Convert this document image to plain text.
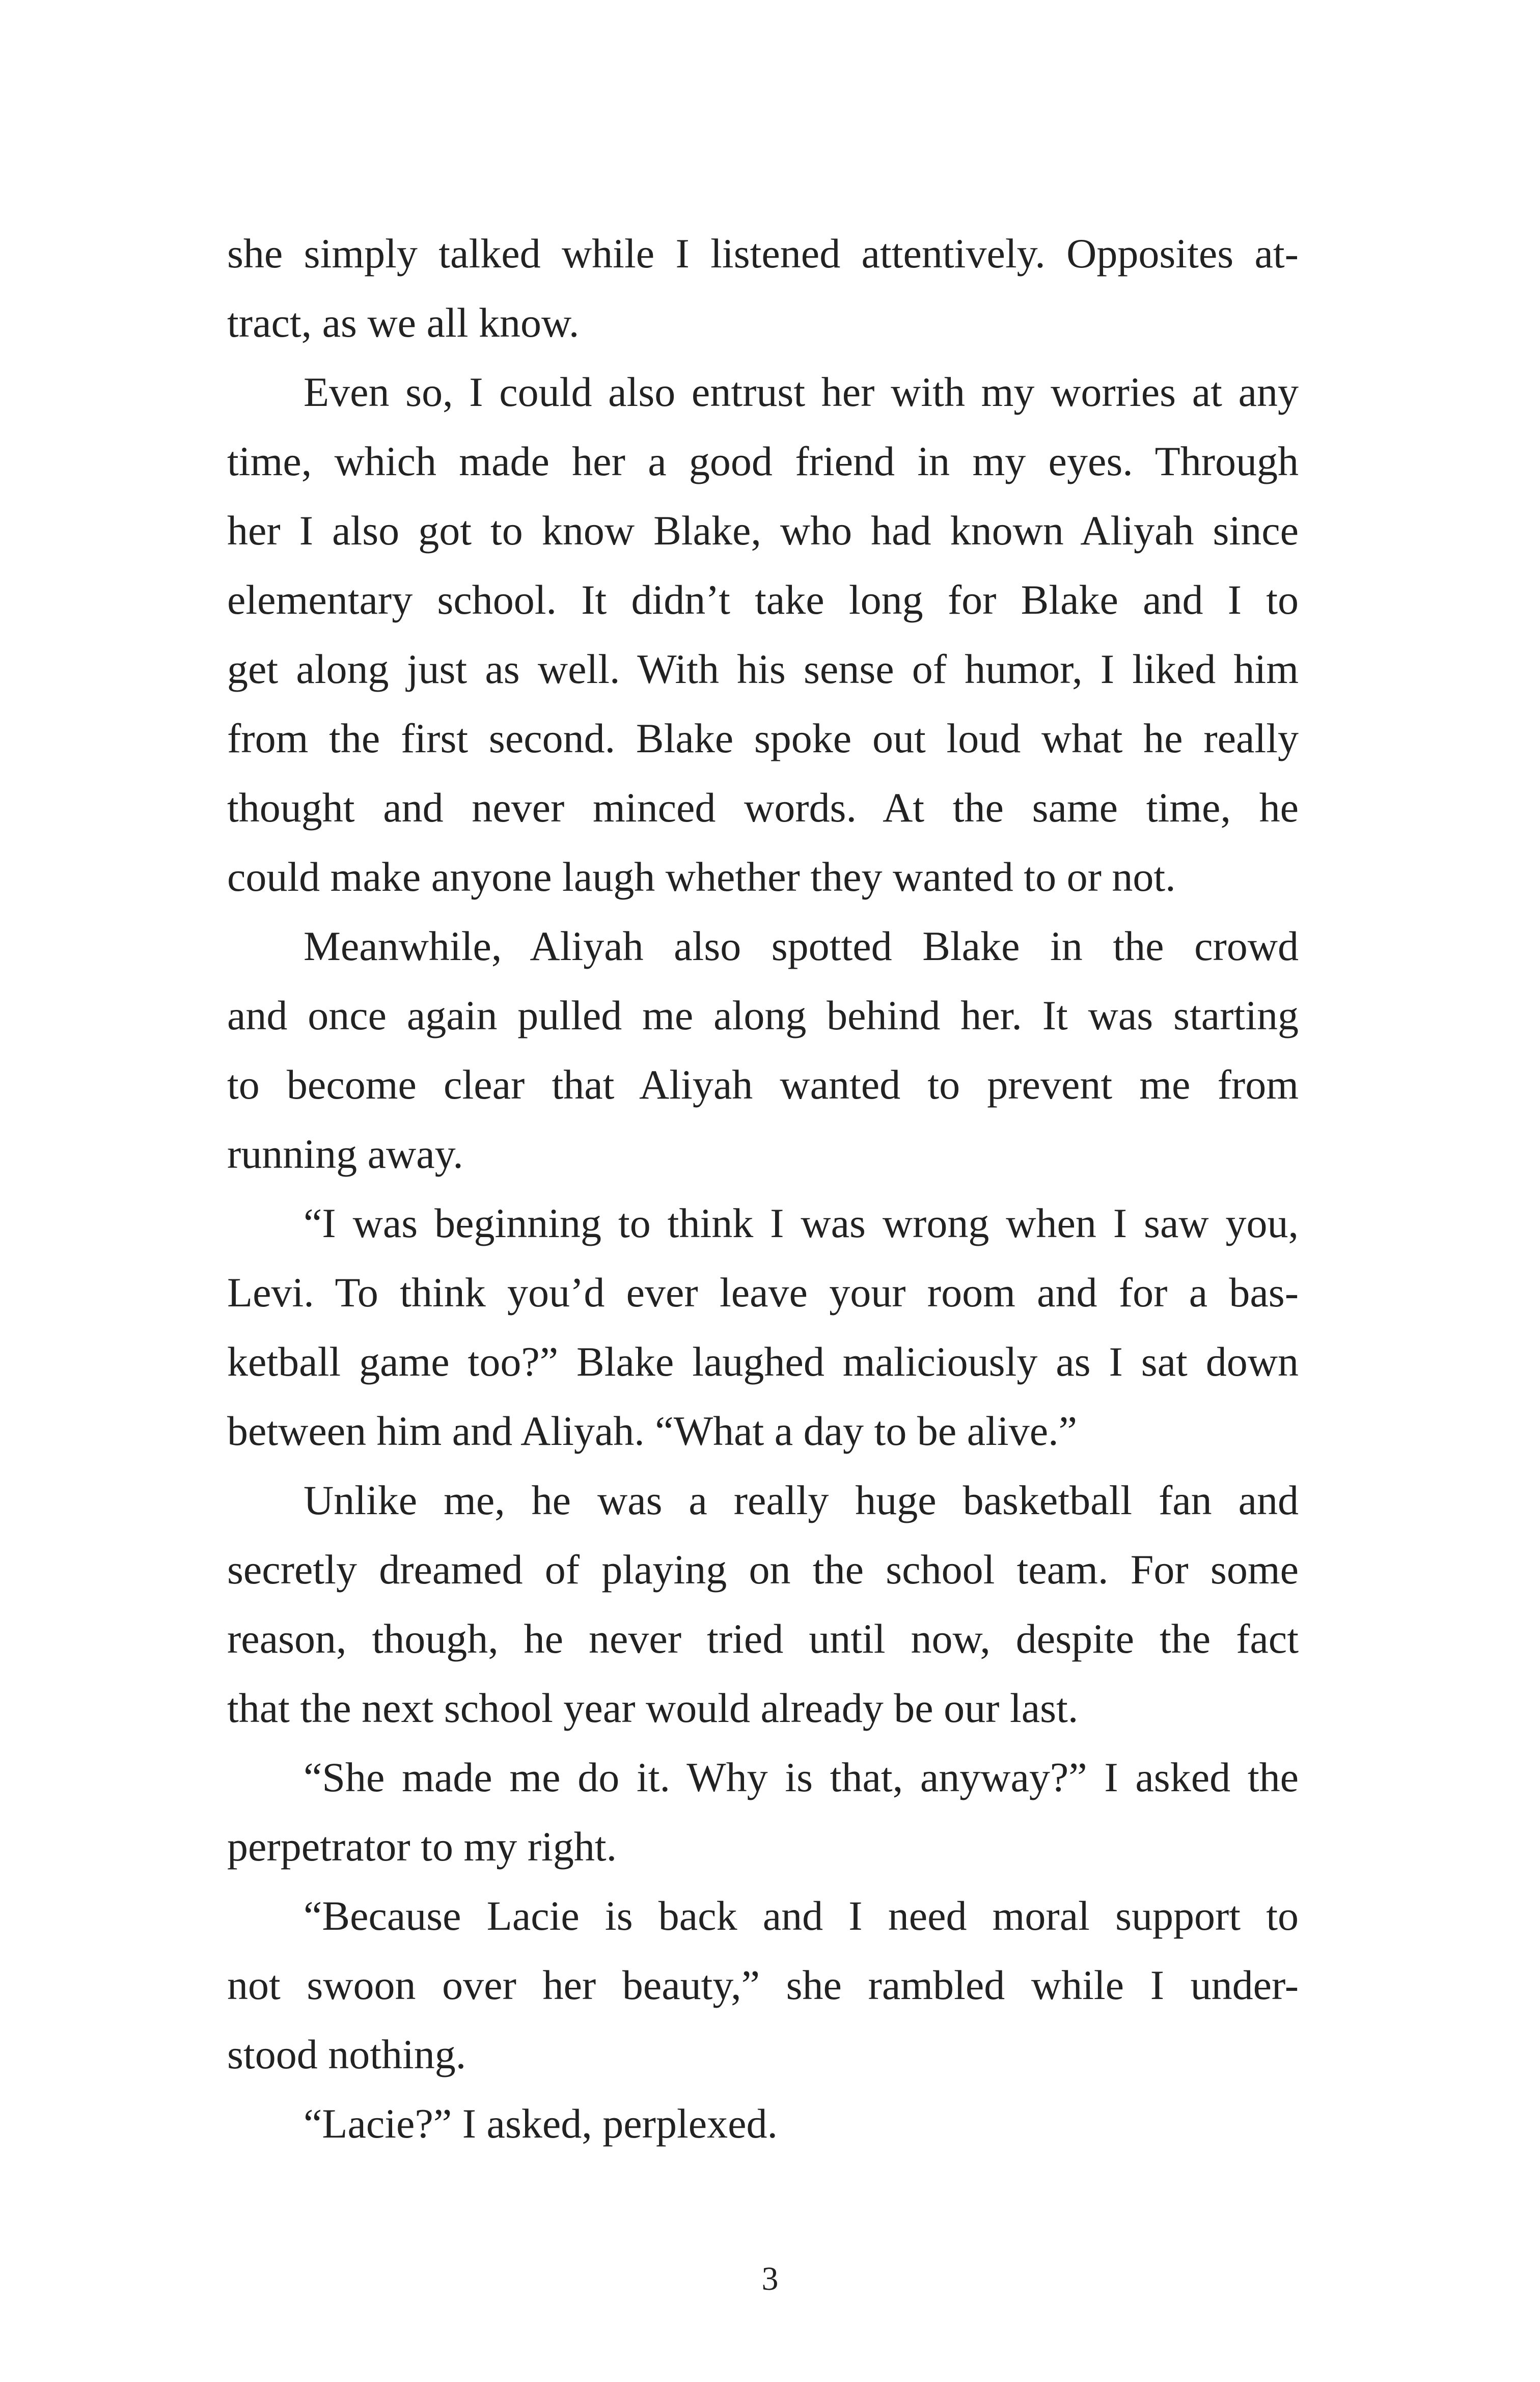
she simply talked while I listened attentively. Opposites at-
tract, as we all know.
Even so, I could also entrust her with my worries at any
time, which made her a good friend in my eyes. Through
her I also got to know Blake, who had known Aliyah since
elementary school. It didn’t take long for Blake and I to
get along just as well. With his sense of humor, I liked him
from the first second. Blake spoke out loud what he really
thought and never minced words. At the same time, he
could make anyone laugh whether they wanted to or not.
Meanwhile, Aliyah also spotted Blake in the crowd
and once again pulled me along behind her. It was starting
to become clear that Aliyah wanted to prevent me from
running away.
“I was beginning to think I was wrong when I saw you,
Levi. To think you’d ever leave your room and for a bas-
ketball game too?” Blake laughed maliciously as I sat down
between him and Aliyah. “What a day to be alive.”
Unlike me, he was a really huge basketball fan and
secretly dreamed of playing on the school team. For some
reason, though, he never tried until now, despite the fact
that the next school year would already be our last.
“She made me do it. Why is that, anyway?” I asked the
perpetrator to my right.
“Because Lacie is back and I need moral support to
not swoon over her beauty,” she rambled while I under-
stood nothing.
“Lacie?” I asked, perplexed.
3
